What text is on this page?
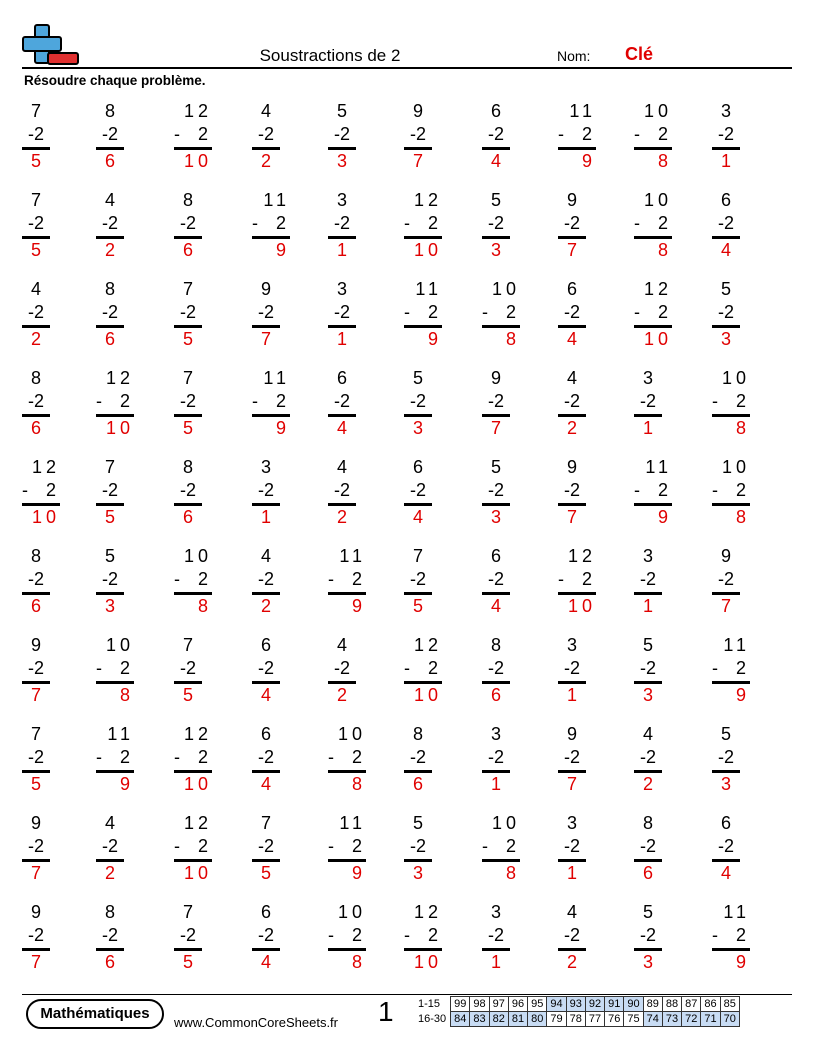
Soustractions de 2	Nom: Clé
Résoudre chaque problème.
7
- 2
5
8
- 2
6
12
- 2
10
4
- 2
2
5
- 2
3
9
- 2
7
6
- 2
4
11
- 2
9
10
- 2
8
3
- 2
1
7
- 2
5
4
- 2
2
8
- 2
6
11
- 2
9
3
- 2
1
12
- 2
10
5
- 2
3
9
- 2
7
10
- 2
8
6
- 2
4
4
- 2
2
8
- 2
6
7
- 2
5
9
- 2
7
3
- 2
1
11
- 2
9
10
- 2
8
6
- 2
4
12
- 2
10
5
- 2
3
8
- 2
6
12
- 2
10
7
- 2
5
11
- 2
9
6
- 2
4
5
- 2
3
9
- 2
7
4
- 2
2
3
- 2
1
10
- 2
8
12
- 2
10
7
- 2
5
8
- 2
6
3
- 2
1
4
- 2
2
6
- 2
4
5
- 2
3
9
- 2
7
11
- 2
9
10
- 2
8
8
- 2
6
5
- 2
3
10
- 2
8
4
- 2
2
11
- 2
9
7
- 2
5
6
- 2
4
12
- 2
10
3
- 2
1
9
- 2
7
9
- 2
7
10
- 2
8
7
- 2
5
6
- 2
4
4
- 2
2
12
- 2
10
8
- 2
6
3
- 2
1
5
- 2
3
11
- 2
9
7
- 2
5
11
- 2
9
12
- 2
10
6
- 2
4
10
- 2
8
8
- 2
6
3
- 2
1
9
- 2
7
4
- 2
2
5
- 2
3
9
- 2
7
4
- 2
2
12
- 2
10
7
- 2
5
11
- 2
9
5
- 2
3
10
- 2
8
3
- 2
1
8
- 2
6
6
- 2
4
9
- 2
7
8
- 2
6
7
- 2
5
6
- 2
4
10
- 2
8
12
- 2
10
3
- 2
1
4
- 2
2
5
- 2
3
11
- 2
9
Mathématiques
www.CommonCoreSheets.fr 1 1-15	99	98	97	96	95	94	93	92	91	90	89	88	87	86	85
16-30	84	83	82	81	80	79	78	77	76	75	74	73	72	71	70
